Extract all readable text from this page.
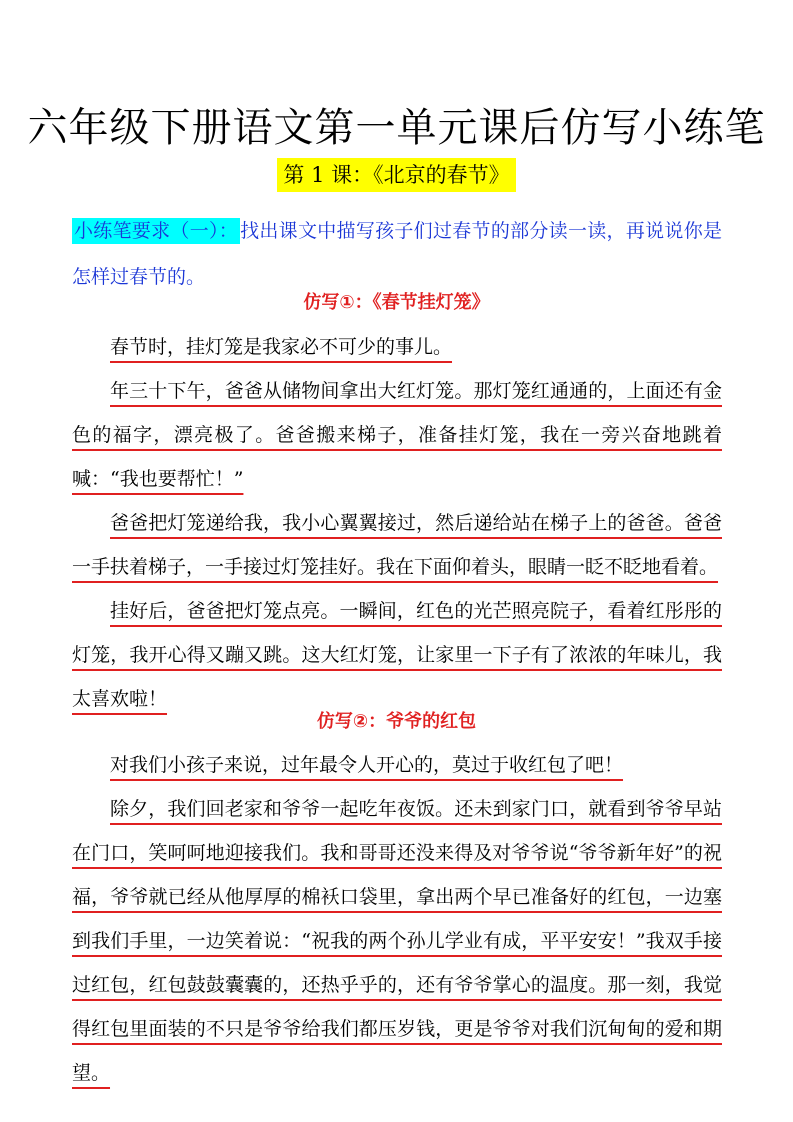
六年级下册语文第一单元课后仿写小练笔
第 1 课：《北京的春节》
小练笔要求（一）： 找出课文中描写孩子们过春节的部分读一读，再说说你是怎样过春节的。
仿写①：《春节挂灯笼》
春节时，挂灯笼是我家必不可少的事儿。
年三十下午，爸爸从储物间拿出大红灯笼。那灯笼红通通的，上面还有金色的福字，漂亮极了。爸爸搬来梯子，准备挂灯笼，我在一旁兴奋地跳着喊：“我也要帮忙！”
爸爸把灯笼递给我，我小心翼翼接过，然后递给站在梯子上的爸爸。爸爸一手扶着梯子，一手接过灯笼挂好。我在下面仰着头，眼睛一眨不眨地看着。
挂好后，爸爸把灯笼点亮。一瞬间，红色的光芒照亮院子，看着红彤彤的灯笼，我开心得又蹦又跳。这大红灯笼，让家里一下子有了浓浓的年味儿，我太喜欢啦！
仿写②：爷爷的红包
对我们小孩子来说，过年最令人开心的，莫过于收红包了吧！
除夕，我们回老家和爷爷一起吃年夜饭。还未到家门口，就看到爷爷早站在门口，笑呵呵地迎接我们。我和哥哥还没来得及对爷爷说“爷爷新年好”的祝福，爷爷就已经从他厚厚的棉袄口袋里，拿出两个早已准备好的红包，一边塞到我们手里，一边笑着说：“祝我的两个孙儿学业有成，平平安安！”我双手接过红包，红包鼓鼓囊囊的，还热乎乎的，还有爷爷掌心的温度。那一刻，我觉得红包里面装的不只是爷爷给我们都压岁钱，更是爷爷对我们沉甸甸的爱和期望。
